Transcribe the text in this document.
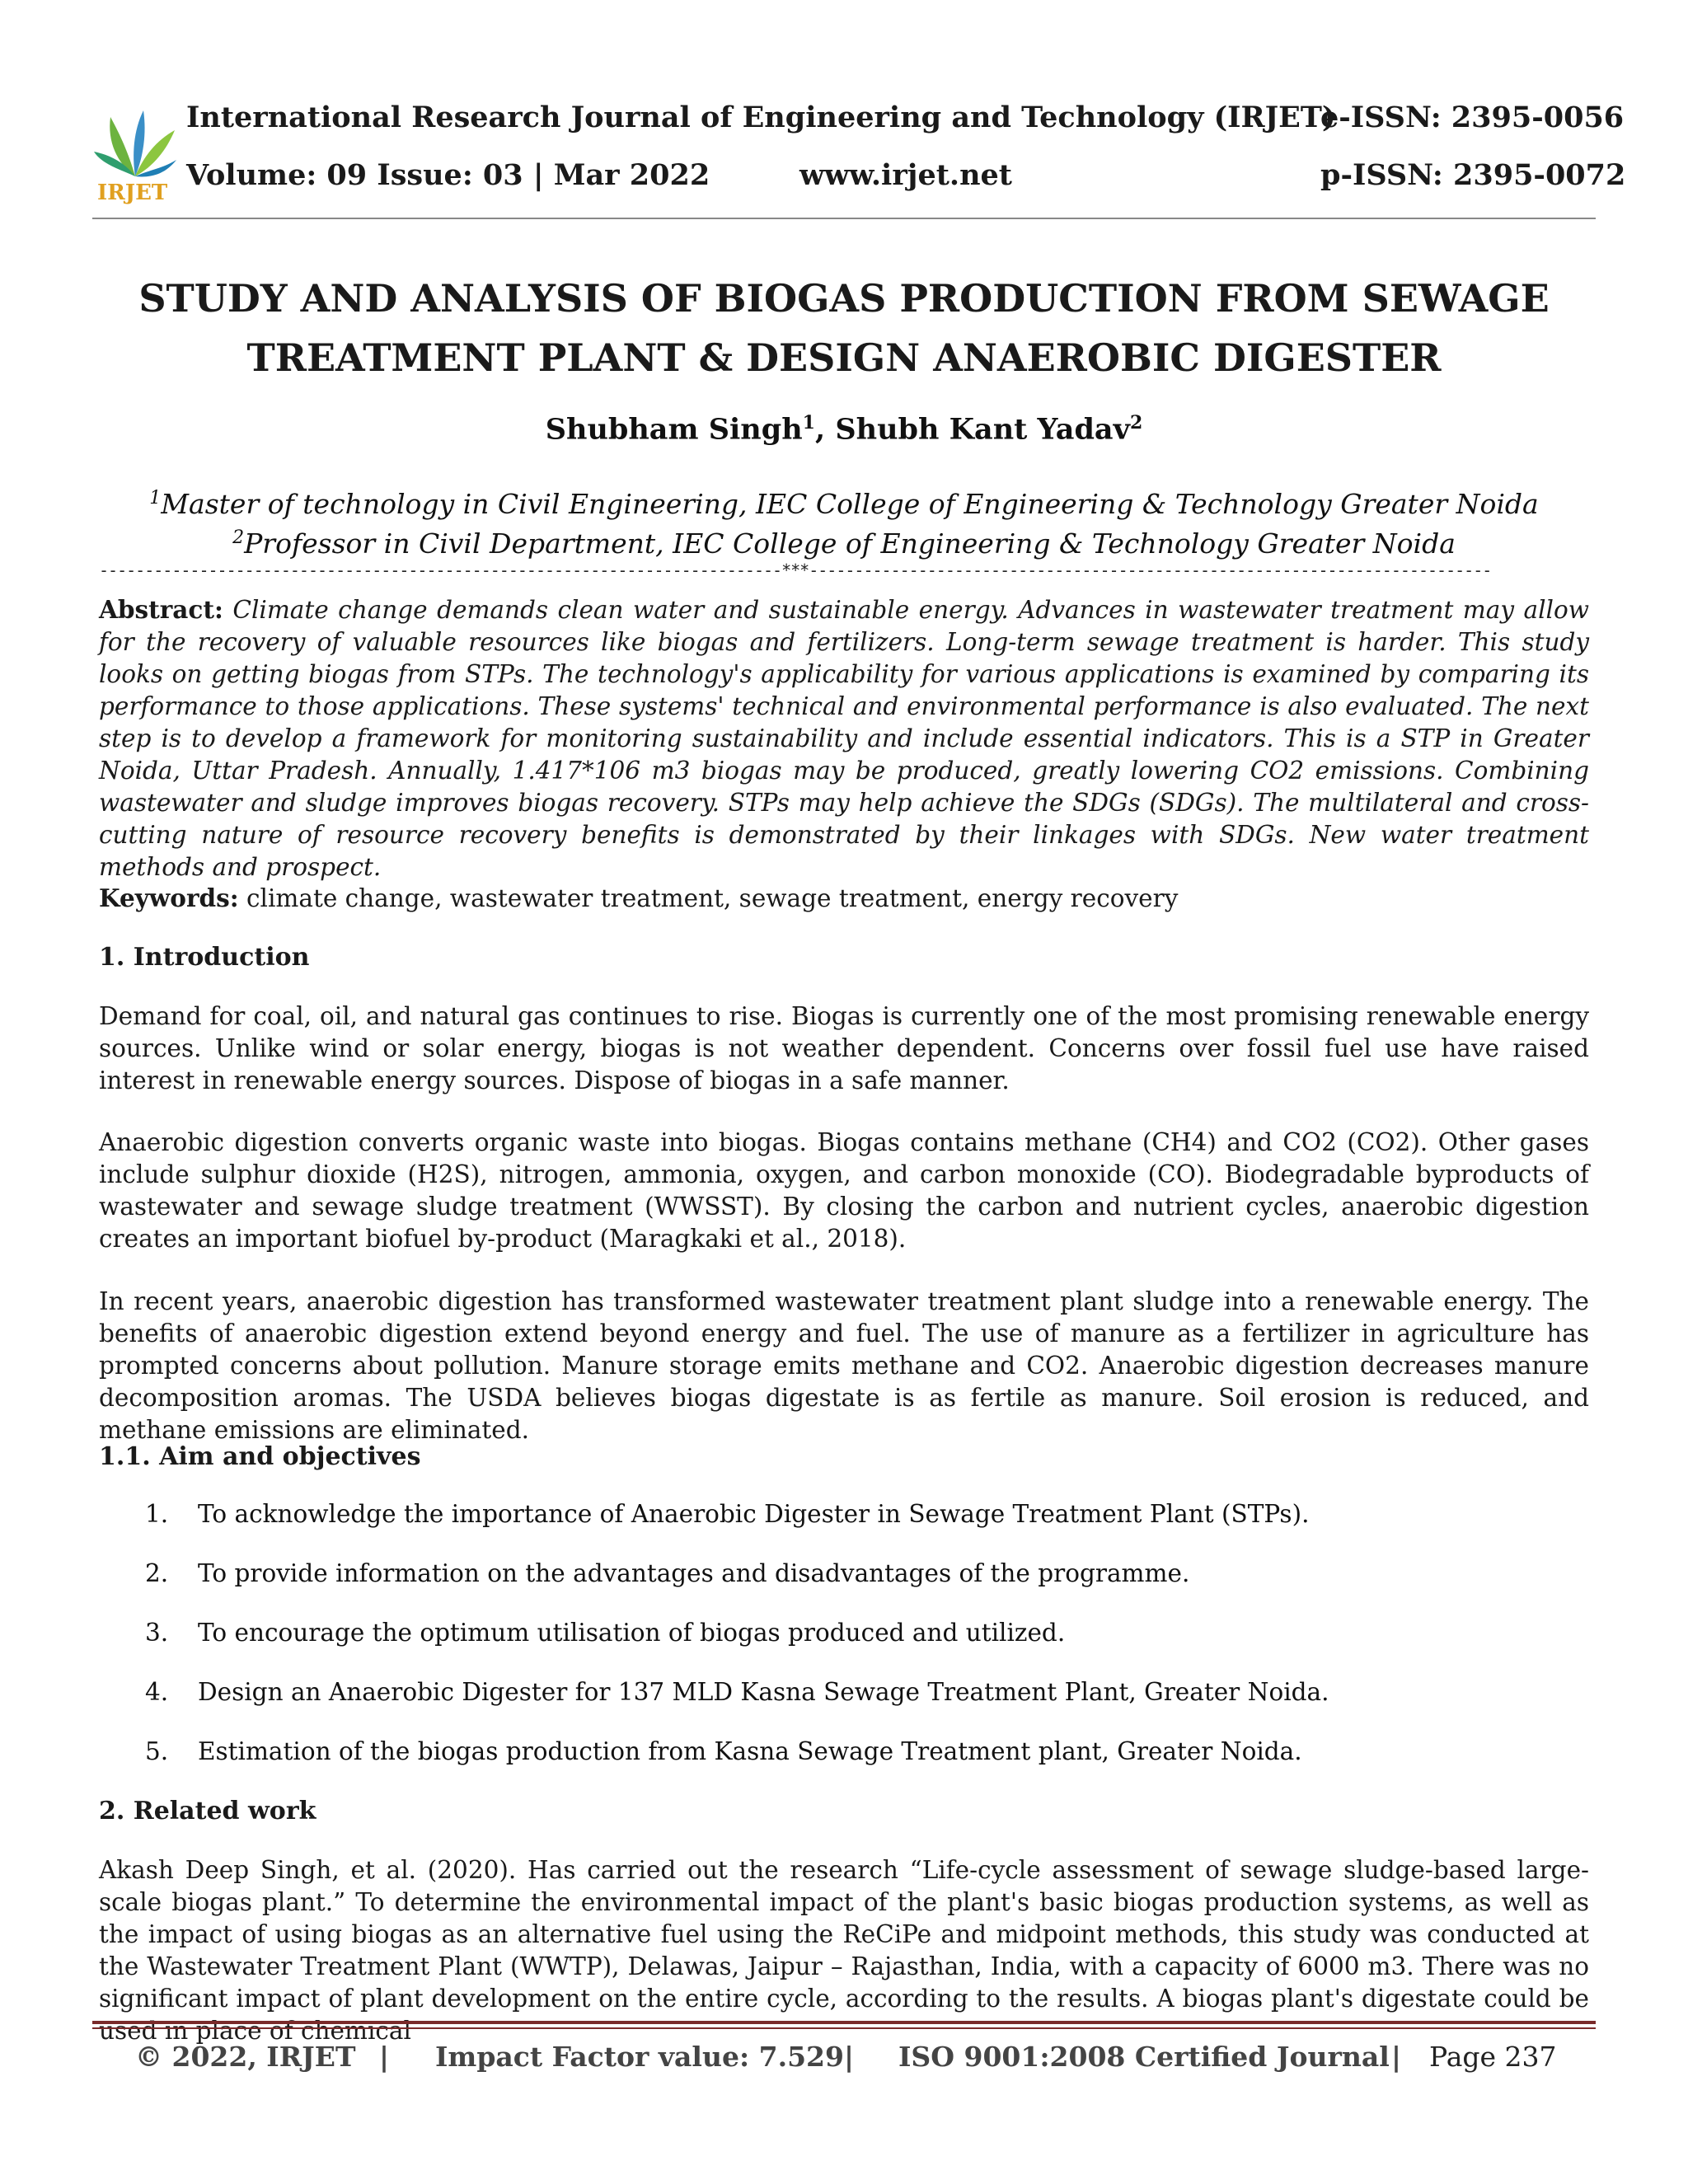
IRJET
International Research Journal of Engineering and Technology (IRJET)
e-ISSN: 2395-0056
Volume: 09 Issue: 03 | Mar 2022	www.irjet.net	p-ISSN: 2395-0072
STUDY AND ANALYSIS OF BIOGAS PRODUCTION FROM SEWAGE
TREATMENT PLANT & DESIGN ANAEROBIC DIGESTER
Shubham Singh$^1$, Shubh Kant Yadav$^2$
$^1$Master of technology in Civil Engineering, IEC College of Engineering & Technology Greater Noida
$^2$Professor in Civil Department, IEC College of Engineering & Technology Greater Noida
---------------------------------------------------------------------------***---------------------------------------------------------------------------
Abstract: Climate change demands clean water and sustainable energy. Advances in wastewater treatment may allow for the recovery of valuable resources like biogas and fertilizers. Long-term sewage treatment is harder. This study looks on getting biogas from STPs. The technology's applicability for various applications is examined by comparing its performance to those applications. These systems' technical and environmental performance is also evaluated. The next step is to develop a framework for monitoring sustainability and include essential indicators. This is a STP in Greater Noida, Uttar Pradesh. Annually, 1.417*106 m3 biogas may be produced, greatly lowering CO2 emissions. Combining wastewater and sludge improves biogas recovery. STPs may help achieve the SDGs (SDGs). The multilateral and cross-cutting nature of resource recovery benefits is demonstrated by their linkages with SDGs. New water treatment methods and prospect.
Keywords: climate change, wastewater treatment, sewage treatment, energy recovery
1. Introduction
Demand for coal, oil, and natural gas continues to rise. Biogas is currently one of the most promising renewable energy sources. Unlike wind or solar energy, biogas is not weather dependent. Concerns over fossil fuel use have raised interest in renewable energy sources. Dispose of biogas in a safe manner.
Anaerobic digestion converts organic waste into biogas. Biogas contains methane (CH4) and CO2 (CO2). Other gases include sulphur dioxide (H2S), nitrogen, ammonia, oxygen, and carbon monoxide (CO). Biodegradable byproducts of wastewater and sewage sludge treatment (WWSST). By closing the carbon and nutrient cycles, anaerobic digestion creates an important biofuel by-product (Maragkaki et al., 2018).
In recent years, anaerobic digestion has transformed wastewater treatment plant sludge into a renewable energy. The benefits of anaerobic digestion extend beyond energy and fuel. The use of manure as a fertilizer in agriculture has prompted concerns about pollution. Manure storage emits methane and CO2. Anaerobic digestion decreases manure decomposition aromas. The USDA believes biogas digestate is as fertile as manure. Soil erosion is reduced, and methane emissions are eliminated.
1.1. Aim and objectives
1.	To acknowledge the importance of Anaerobic Digester in Sewage Treatment Plant (STPs).
2.	To provide information on the advantages and disadvantages of the programme.
3.	To encourage the optimum utilisation of biogas produced and utilized.
4.	Design an Anaerobic Digester for 137 MLD Kasna Sewage Treatment Plant, Greater Noida.
5.	Estimation of the biogas production from Kasna Sewage Treatment plant, Greater Noida.
2. Related work
Akash Deep Singh, et al. (2020). Has carried out the research “Life-cycle assessment of sewage sludge-based large-scale biogas plant.” To determine the environmental impact of the plant's basic biogas production systems, as well as the impact of using biogas as an alternative fuel using the ReCiPe and midpoint methods, this study was conducted at the Wastewater Treatment Plant (WWTP), Delawas, Jaipur – Rajasthan, India, with a capacity of 6000 m3. There was no significant impact of plant development on the entire cycle, according to the results. A biogas plant's digestate could be used in place of chemical
© 2022, IRJET | Impact Factor value: 7.529 | ISO 9001:2008 Certified Journal | Page 237
